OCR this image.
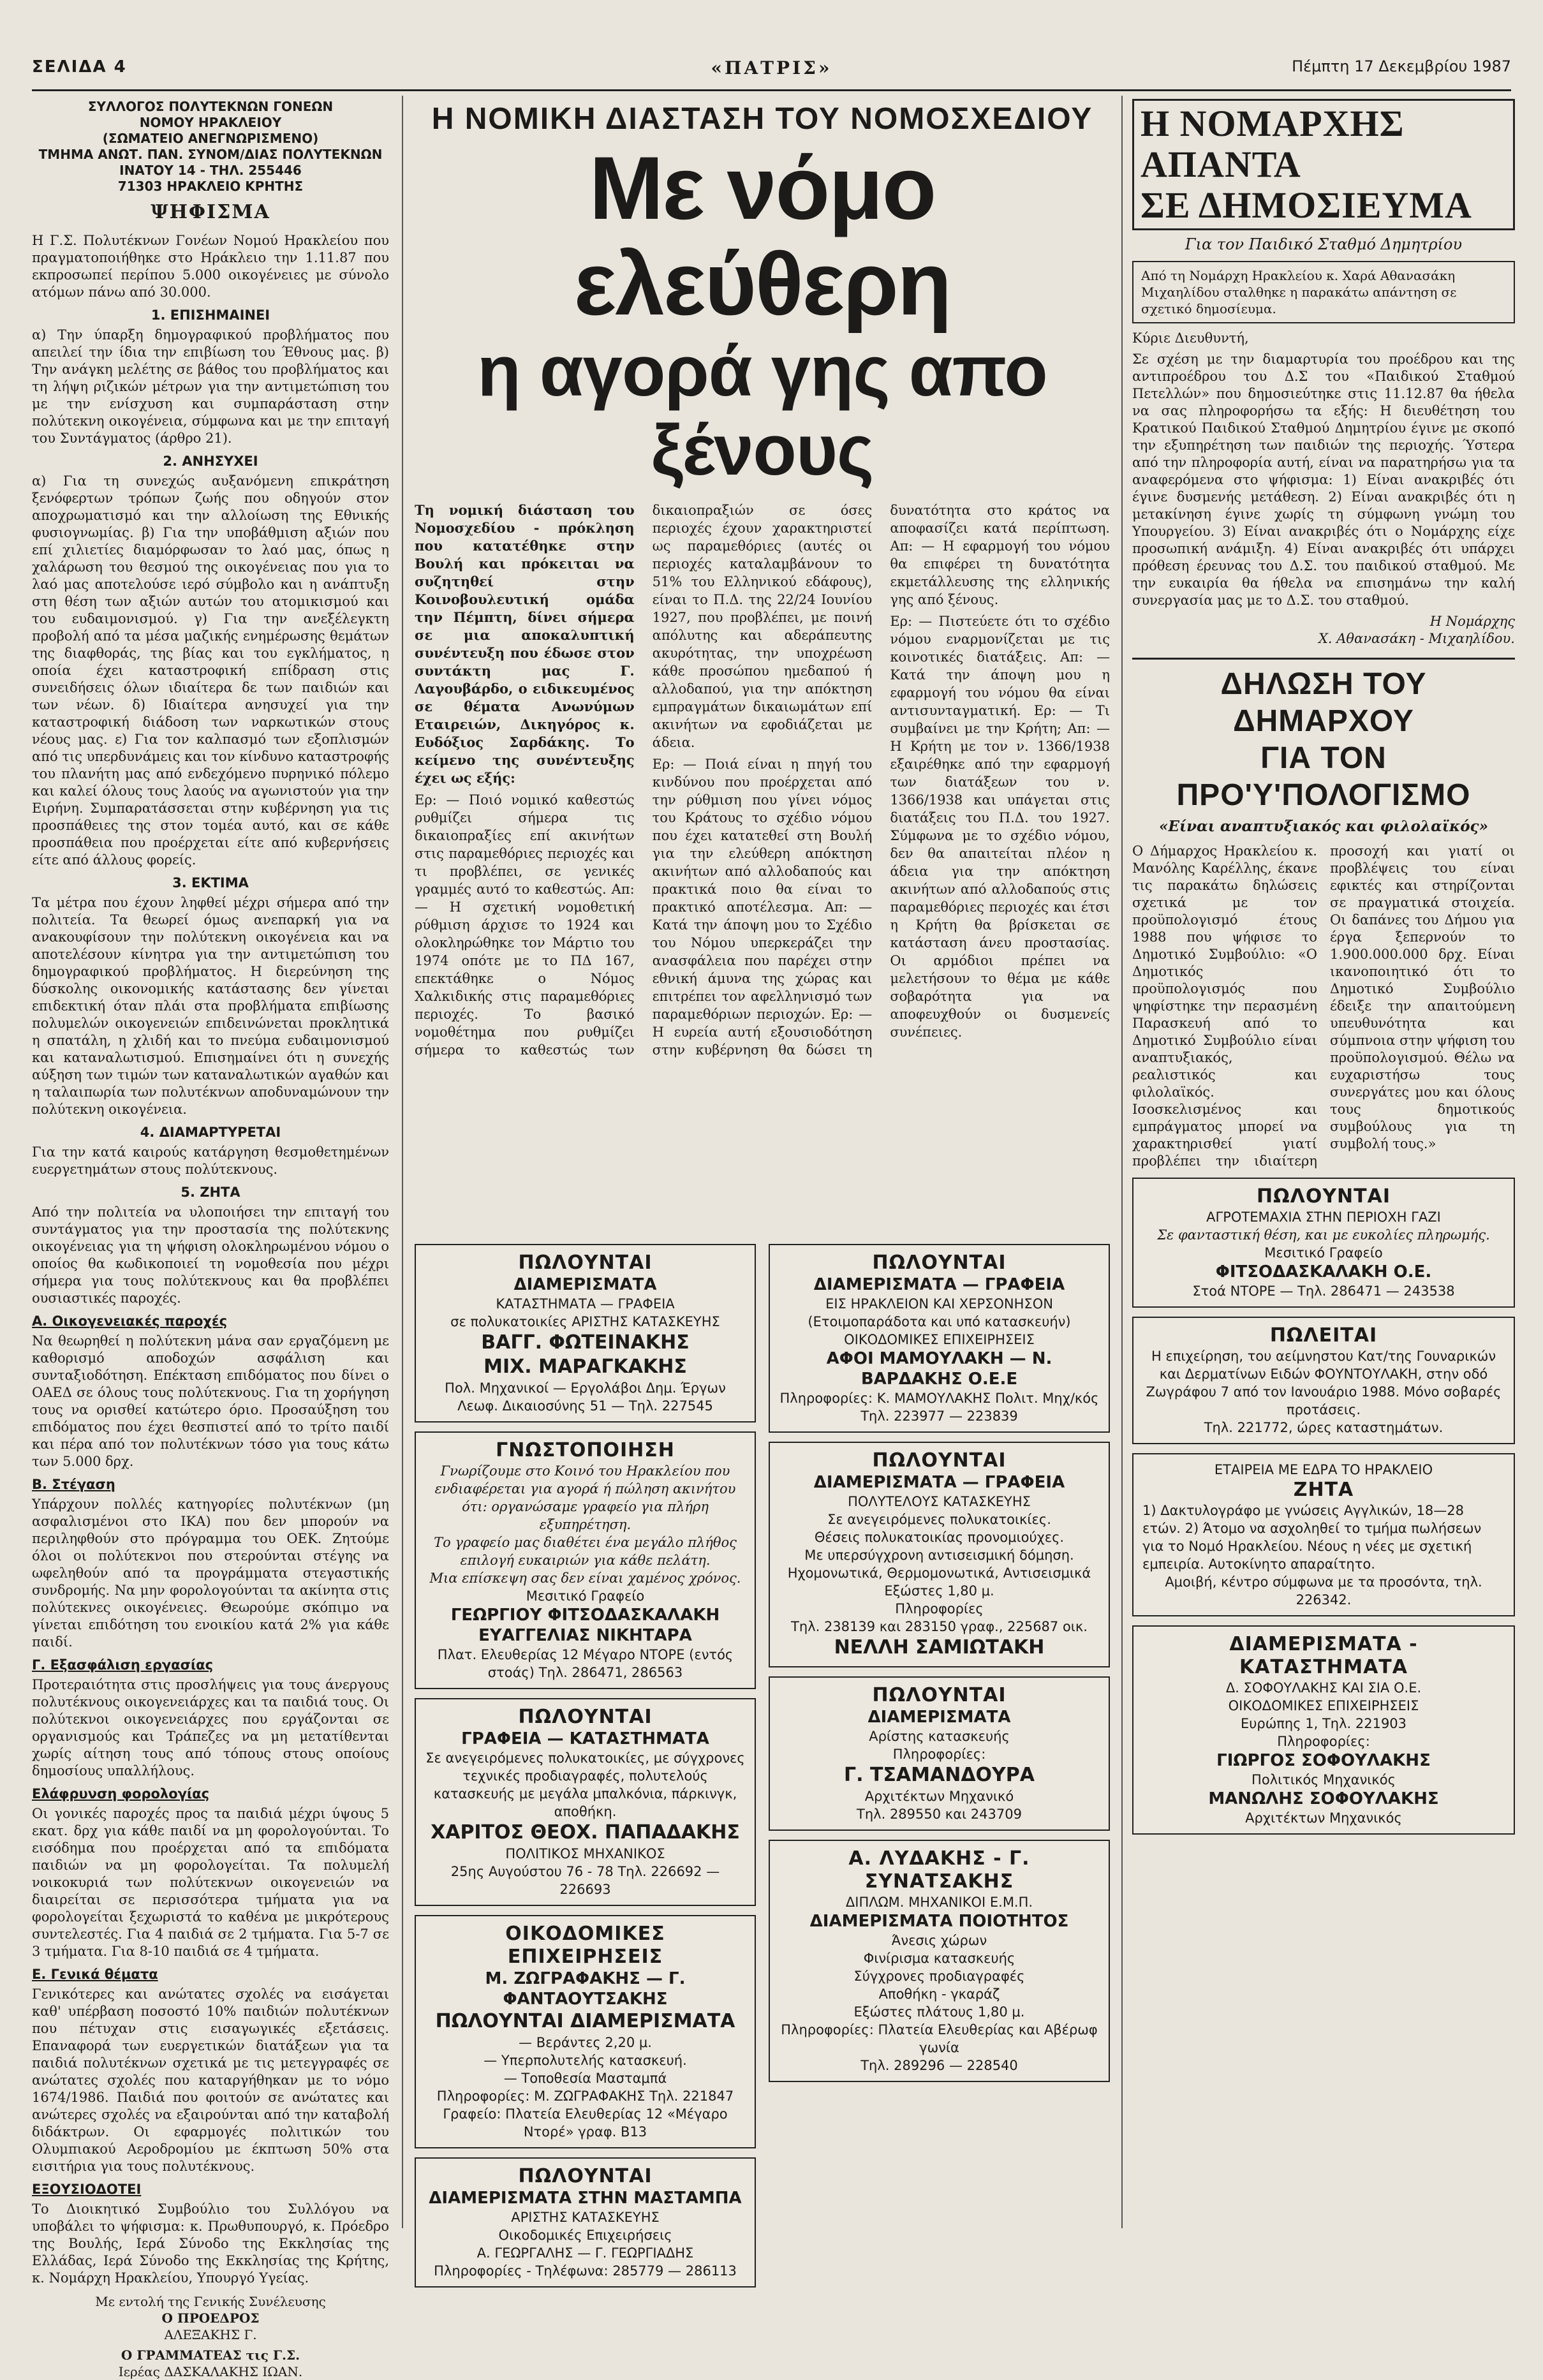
ΣΕΛΙΔΑ 4	«ΠΑΤΡΙΣ»	Πέμπτη 17 Δεκεμβρίου 1987
ΣΥΛΛΟΓΟΣ ΠΟΛΥΤΕΚΝΩΝ ΓΟΝΕΩΝ
ΝΟΜΟΥ ΗΡΑΚΛΕΙΟΥ
(ΣΩΜΑΤΕΙΟ ΑΝΕΓΝΩΡΙΣΜΕΝΟ)
ΤΜΗΜΑ ΑΝΩΤ. ΠΑΝ. ΣΥΝΟΜ/ΔΙΑΣ ΠΟΛΥΤΕΚΝΩΝ
ΙΝΑΤΟΥ 14 - ΤΗΛ. 255446
71303 ΗΡΑΚΛΕΙΟ ΚΡΗΤΗΣ
ΨΗΦΙΣΜΑ

Η Γ.Σ. Πολυτέκνων Γονέων Νομού Ηρακλείου που πραγματοποιήθηκε στο Ηράκλειο την 1.11.87 που εκπροσωπεί περίπου 5.000 οικογένειες με σύνολο ατόμων πάνω από 30.000.

1. ΕΠΙΣΗΜΑΙΝΕΙ

α) Την ύπαρξη δημογραφικού προβλήματος που απειλεί την ίδια την επιβίωση του Έθνους μας. β) Την ανάγκη μελέτης σε βάθος του προβλήματος και τη λήψη ριζικών μέτρων για την αντιμετώπιση του με την ενίσχυση και συμπαράσταση στην πολύτεκνη οικογένεια, σύμφωνα και με την επιταγή του Συντάγματος (άρθρο 21).

2. ΑΝΗΣΥΧΕΙ

α) Για τη συνεχώς αυξανόμενη επικράτηση ξενόφερτων τρόπων ζωής που οδηγούν στον αποχρωματισμό και την αλλοίωση της Εθνικής φυσιογνωμίας. β) Για την υποβάθμιση αξιών που επί χιλιετίες διαμόρφωσαν το λαό μας, όπως η χαλάρωση του θεσμού της οικογένειας που για το λαό μας αποτελούσε ιερό σύμβολο και η ανάπτυξη στη θέση των αξιών αυτών του ατομικισμού και του ευδαιμονισμού. γ) Για την ανεξέλεγκτη προβολή από τα μέσα μαζικής ενημέρωσης θεμάτων της διαφθοράς, της βίας και του εγκλήματος, η οποία έχει καταστροφική επίδραση στις συνειδήσεις όλων ιδιαίτερα δε των παιδιών και των νέων. δ) Ιδιαίτερα ανησυχεί για την καταστροφική διάδοση των ναρκωτικών στους νέους μας. ε) Για τον καλπασμό των εξοπλισμών από τις υπερδυνάμεις και τον κίνδυνο καταστροφής του πλανήτη μας από ενδεχόμενο πυρηνικό πόλεμο και καλεί όλους τους λαούς να αγωνιστούν για την Ειρήνη. Συμπαρατάσσεται στην κυβέρνηση για τις προσπάθειες της στον τομέα αυτό, και σε κάθε προσπάθεια που προέρχεται είτε από κυβερνήσεις είτε από άλλους φορείς.

3. ΕΚΤΙΜΑ

Τα μέτρα που έχουν ληφθεί μέχρι σήμερα από την πολιτεία. Τα θεωρεί όμως ανεπαρκή για να ανακουφίσουν την πολύτεκνη οικογένεια και να αποτελέσουν κίνητρα για την αντιμετώπιση του δημογραφικού προβλήματος. Η διερεύνηση της δύσκολης οικονομικής κατάστασης δεν γίνεται επιδεκτική όταν πλάι στα προβλήματα επιβίωσης πολυμελών οικογενειών επιδεινώνεται προκλητικά η σπατάλη, η χλιδή και το πνεύμα ευδαιμονισμού και καταναλωτισμού. Επισημαίνει ότι η συνεχής αύξηση των τιμών των καταναλωτικών αγαθών και η ταλαιπωρία των πολυτέκνων αποδυναμώνουν την πολύτεκνη οικογένεια.

4. ΔΙΑΜΑΡΤΥΡΕΤΑΙ

Για την κατά καιρούς κατάργηση θεσμοθετημένων ευεργετημάτων στους πολύτεκνους.

5. ΖΗΤΑ

Από την πολιτεία να υλοποιήσει την επιταγή του συντάγματος για την προστασία της πολύτεκνης οικογένειας για τη ψήφιση ολοκληρωμένου νόμου ο οποίος θα κωδικοποιεί τη νομοθεσία που μέχρι σήμερα για τους πολύτεκνους και θα προβλέπει ουσιαστικές παροχές.

Α. Οικογενειακές παροχές

Να θεωρηθεί η πολύτεκνη μάνα σαν εργαζόμενη με καθορισμό αποδοχών ασφάλιση και συνταξιοδότηση. Επέκταση επιδόματος που δίνει ο ΟΑΕΔ σε όλους τους πολύτεκνους. Για τη χορήγηση τους να ορισθεί κατώτερο όριο. Προσαύξηση του επιδόματος που έχει θεσπιστεί από το τρίτο παιδί και πέρα από τον πολυτέκνων τόσο για τους κάτω των 5.000 δρχ.

Β. Στέγαση

Υπάρχουν πολλές κατηγορίες πολυτέκνων (μη ασφαλισμένοι στο ΙΚΑ) που δεν μπορούν να περιληφθούν στο πρόγραμμα του ΟΕΚ. Ζητούμε όλοι οι πολύτεκνοι που στερούνται στέγης να ωφεληθούν από τα προγράμματα στεγαστικής συνδρομής. Να μην φορολογούνται τα ακίνητα στις πολύτεκνες οικογένειες. Θεωρούμε σκόπιμο να γίνεται επιδότηση του ενοικίου κατά 2% για κάθε παιδί.

Γ. Εξασφάλιση εργασίας

Προτεραιότητα στις προσλήψεις για τους άνεργους πολυτέκνους οικογενειάρχες και τα παιδιά τους. Οι πολύτεκνοι οικογενειάρχες που εργάζονται σε οργανισμούς και Τράπεζες να μη μετατίθενται χωρίς αίτηση τους από τόπους στους οποίους δημοσίους υπαλλήλους.

Ελάφρυνση φορολογίας

Οι γονικές παροχές προς τα παιδιά μέχρι ύψους 5 εκατ. δρχ για κάθε παιδί να μη φορολογούνται. Το εισόδημα που προέρχεται από τα επιδόματα παιδιών να μη φορολογείται. Τα πολυμελή νοικοκυριά των πολύτεκνων οικογενειών να διαιρείται σε περισσότερα τμήματα για να φορολογείται ξεχωριστά το καθένα με μικρότερους συντελεστές. Για 4 παιδιά σε 2 τμήματα. Για 5-7 σε 3 τμήματα. Για 8-10 παιδιά σε 4 τμήματα.

Ε. Γενικά θέματα

Γενικότερες και ανώτατες σχολές να εισάγεται καθ' υπέρβαση ποσοστό 10% παιδιών πολυτέκνων που πέτυχαν στις εισαγωγικές εξετάσεις. Επαναφορά των ευεργετικών διατάξεων για τα παιδιά πολυτέκνων σχετικά με τις μετεγγραφές σε ανώτατες σχολές που καταργήθηκαν με το νόμο 1674/1986. Παιδιά που φοιτούν σε ανώτατες και ανώτερες σχολές να εξαιρούνται από την καταβολή διδάκτρων. Οι εφαρμογές πολιτικών του Ολυμπιακού Αεροδρομίου με έκπτωση 50% στα εισιτήρια για τους πολυτέκνους.

ΕΞΟΥΣΙΟΔΟΤΕΙ

Το Διοικητικό Συμβούλιο του Συλλόγου να υποβάλει το ψήφισμα: κ. Πρωθυπουργό, κ. Πρόεδρο της Βουλής, Ιερά Σύνοδο της Εκκλησίας της Ελλάδας, Ιερά Σύνοδο της Εκκλησίας της Κρήτης, κ. Νομάρχη Ηρακλείου, Υπουργό Υγείας.

Με εντολή της Γενικής Συνέλευσης
Ο ΠΡΟΕΔΡΟΣ
ΑΛΕΞΑΚΗΣ Γ.
Ο ΓΡΑΜΜΑΤΕΑΣ τις Γ.Σ.
Ιερέας ΔΑΣΚΑΛΑΚΗΣ ΙΩΑΝ.
Η ΝΟΜΙΚΗ ΔΙΑΣΤΑΣΗ ΤΟΥ ΝΟΜΟΣΧΕΔΙΟΥ
Με νόμο ελεύθερη
η αγορά γης απο ξένους

Τη νομική διάσταση του Νομοσχεδίου - πρόκληση που κατατέθηκε στην Βουλή και πρόκειται να συζητηθεί στην Κοινοβουλευτική ομάδα την Πέμπτη, δίνει σήμερα σε μια αποκαλυπτική συνέντευξη που έδωσε στον συντάκτη μας Γ. Λαγουβάρδο, ο ειδικευμένος σε θέματα Ανωνύμων Εταιρειών, Δικηγόρος κ. Ευδόξιος Σαρδάκης. Το κείμενο της συνέντευξης έχει ως εξής:

Ερ: — Ποιό νομικό καθεστώς ρυθμίζει σήμερα τις δικαιοπραξίες επί ακινήτων στις παραμεθόριες περιοχές και τι προβλέπει, σε γενικές γραμμές αυτό το καθεστώς. Απ: — Η σχετική νομοθετική ρύθμιση άρχισε το 1924 και ολοκληρώθηκε τον Μάρτιο του 1974 οπότε με το ΠΔ 167, επεκτάθηκε ο Νόμος Χαλκιδικής στις παραμεθόριες περιοχές. Το βασικό νομοθέτημα που ρυθμίζει σήμερα το καθεστώς των δικαιοπραξιών σε όσες περιοχές έχουν χαρακτηριστεί ως παραμεθόριες (αυτές οι περιοχές καταλαμβάνουν το 51% του Ελληνικού εδάφους), είναι το Π.Δ. της 22/24 Ιουνίου 1927, που προβλέπει, με ποινή απόλυτης και αδεράπευτης ακυρότητας, την υποχρέωση κάθε προσώπου ημεδαπού ή αλλοδαπού, για την απόκτηση εμπραγμάτων δικαιωμάτων επί ακινήτων να εφοδιάζεται με άδεια.

Ερ: — Ποιά είναι η πηγή του κινδύνου που προέρχεται από την ρύθμιση που γίνει νόμος του Κράτους το σχέδιο νόμου που έχει κατατεθεί στη Βουλή για την ελεύθερη απόκτηση ακινήτων από αλλοδαπούς και πρακτικά ποιο θα είναι το πρακτικό αποτέλεσμα. Απ: — Κατά την άποψη μου το Σχέδιο του Νόμου υπερκεράζει την ανασφάλεια που παρέχει στην εθνική άμυνα της χώρας και επιτρέπει τον αφελληνισμό των παραμεθόριων περιοχών. Ερ: — Η ευρεία αυτή εξουσιοδότηση στην κυβέρνηση θα δώσει τη δυνατότητα στο κράτος να αποφασίζει κατά περίπτωση. Απ: — Η εφαρμογή του νόμου θα επιφέρει τη δυνατότητα εκμετάλλευσης της ελληνικής γης από ξένους.

Ερ: — Πιστεύετε ότι το σχέδιο νόμου εναρμονίζεται με τις κοινοτικές διατάξεις. Απ: — Κατά την άποψη μου η εφαρμογή του νόμου θα είναι αντισυνταγματική. Ερ: — Τι συμβαίνει με την Κρήτη; Απ: — Η Κρήτη με τον ν. 1366/1938 εξαιρέθηκε από την εφαρμογή των διατάξεων του ν. 1366/1938 και υπάγεται στις διατάξεις του Π.Δ. του 1927. Σύμφωνα με το σχέδιο νόμου, δεν θα απαιτείται πλέον η άδεια για την απόκτηση ακινήτων από αλλοδαπούς στις παραμεθόριες περιοχές και έτσι η Κρήτη θα βρίσκεται σε κατάσταση άνευ προστασίας. Οι αρμόδιοι πρέπει να μελετήσουν το θέμα με κάθε σοβαρότητα για να αποφευχθούν οι δυσμενείς συνέπειες.

ΠΩΛΟΥΝΤΑΙ
ΔΙΑΜΕΡΙΣΜΑΤΑ
ΚΑΤΑΣΤΗΜΑΤΑ — ΓΡΑΦΕΙΑ
σε πολυκατοικίες ΑΡΙΣΤΗΣ ΚΑΤΑΣΚΕΥΗΣ
ΒΑΓΓ. ΦΩΤΕΙΝΑΚΗΣ
ΜΙΧ. ΜΑΡΑΓΚΑΚΗΣ
Πολ. Μηχανικοί — Εργολάβοι Δημ. Έργων
Λεωφ. Δικαιοσύνης 51 — Τηλ. 227545
ΓΝΩΣΤΟΠΟΙΗΣΗ
Γνωρίζουμε στο Κοινό του Ηρακλείου που ενδιαφέρεται για αγορά ή πώληση ακινήτου ότι: οργανώσαμε γραφείο για πλήρη εξυπηρέτηση.
Το γραφείο μας διαθέτει ένα μεγάλο πλήθος επιλογή ευκαιριών για κάθε πελάτη.
Μια επίσκεψη σας δεν είναι χαμένος χρόνος.
Μεσιτικό Γραφείο
ΓΕΩΡΓΙΟΥ ΦΙΤΣΟΔΑΣΚΑΛΑΚΗ
ΕΥΑΓΓΕΛΙΑΣ ΝΙΚΗΤΑΡΑ
Πλατ. Ελευθερίας 12 Μέγαρο ΝΤΟΡΕ (εντός στοάς) Τηλ. 286471, 286563
ΠΩΛΟΥΝΤΑΙ
ΓΡΑΦΕΙΑ — ΚΑΤΑΣΤΗΜΑΤΑ
Σε ανεγειρόμενες πολυκατοικίες, με σύγχρονες τεχνικές προδιαγραφές, πολυτελούς κατασκευής με μεγάλα μπαλκόνια, πάρκινγκ, αποθήκη.
ΧΑΡΙΤΟΣ ΘΕΟΧ. ΠΑΠΑΔΑΚΗΣ
ΠΟΛΙΤΙΚΟΣ ΜΗΧΑΝΙΚΟΣ
25ης Αυγούστου 76 - 78 Τηλ. 226692 — 226693
ΟΙΚΟΔΟΜΙΚΕΣ ΕΠΙΧΕΙΡΗΣΕΙΣ
Μ. ΖΩΓΡΑΦΑΚΗΣ — Γ. ΦΑΝΤΑΟΥΤΣΑΚΗΣ
ΠΩΛΟΥΝΤΑΙ ΔΙΑΜΕΡΙΣΜΑΤΑ
— Βεράντες 2,20 μ.
— Υπερπολυτελής κατασκευή.
— Τοποθεσία Μασταμπά
Πληροφορίες: Μ. ΖΩΓΡΑΦΑΚΗΣ Τηλ. 221847
Γραφείο: Πλατεία Ελευθερίας 12 «Μέγαρο Ντορέ» γραφ. Β13
ΠΩΛΟΥΝΤΑΙ
ΔΙΑΜΕΡΙΣΜΑΤΑ ΣΤΗΝ ΜΑΣΤΑΜΠΑ
ΑΡΙΣΤΗΣ ΚΑΤΑΣΚΕΥΗΣ
Οικοδομικές Επιχειρήσεις
Α. ΓΕΩΡΓΑΛΗΣ — Γ. ΓΕΩΡΓΙΑΔΗΣ
Πληροφορίες - Τηλέφωνα: 285779 — 286113
ΠΩΛΟΥΝΤΑΙ
ΔΙΑΜΕΡΙΣΜΑΤΑ — ΓΡΑΦΕΙΑ
ΕΙΣ ΗΡΑΚΛΕΙΟΝ ΚΑΙ ΧΕΡΣΟΝΗΣΟΝ
(Ετοιμοπαράδοτα και υπό κατασκευήν)
ΟΙΚΟΔΟΜΙΚΕΣ ΕΠΙΧΕΙΡΗΣΕΙΣ
ΑΦΟΙ ΜΑΜΟΥΛΑΚΗ — Ν. ΒΑΡΔΑΚΗΣ Ο.Ε.Ε
Πληροφορίες: Κ. ΜΑΜΟΥΛΑΚΗΣ Πολιτ. Μηχ/κός
Τηλ. 223977 — 223839
ΠΩΛΟΥΝΤΑΙ
ΔΙΑΜΕΡΙΣΜΑΤΑ — ΓΡΑΦΕΙΑ
ΠΟΛΥΤΕΛΟΥΣ ΚΑΤΑΣΚΕΥΗΣ
Σε ανεγειρόμενες πολυκατοικίες.
Θέσεις πολυκατοικίας προνομιούχες.
Με υπερσύγχρονη αντισεισμική δόμηση.
Ηχομονωτικά, Θερμομονωτικά, Αντισεισμικά
Εξώστες 1,80 μ.
Πληροφορίες
Τηλ. 238139 και 283150 γραφ., 225687 οικ.
ΝΕΛΛΗ ΣΑΜΙΩΤΑΚΗ
ΠΩΛΟΥΝΤΑΙ
ΔΙΑΜΕΡΙΣΜΑΤΑ
Αρίστης κατασκευής
Πληροφορίες:
Γ. ΤΣΑΜΑΝΔΟΥΡΑ
Αρχιτέκτων Μηχανικό
Τηλ. 289550 και 243709
Α. ΛΥΔΑΚΗΣ - Γ. ΣΥΝΑΤΣΑΚΗΣ
ΔΙΠΛΩΜ. ΜΗΧΑΝΙΚΟΙ Ε.Μ.Π.
ΔΙΑΜΕΡΙΣΜΑΤΑ ΠΟΙΟΤΗΤΟΣ
Άνεσις χώρων
Φινίρισμα κατασκευής
Σύγχρονες προδιαγραφές
Αποθήκη - γκαράζ
Εξώστες πλάτους 1,80 μ.
Πληροφορίες: Πλατεία Ελευθερίας και Αβέρωφ γωνία
Τηλ. 289296 — 228540
Η ΝΟΜΑΡΧΗΣ ΑΠΑΝΤΑ
ΣΕ ΔΗΜΟΣΙΕΥΜΑ
Για τον Παιδικό Σταθμό Δημητρίου
Από τη Νομάρχη Ηρακλείου κ. Χαρά Αθανασάκη Μιχαηλίδου σταλθηκε η παρακάτω απάντηση σε σχετικό δημοσίευμα.

Κύριε Διευθυντή,

Σε σχέση με την διαμαρτυρία του προέδρου και της αντιπροέδρου του Δ.Σ του «Παιδικού Σταθμού Πετελλών» που δημοσιεύτηκε στις 11.12.87 θα ήθελα να σας πληροφορήσω τα εξής: Η διευθέτηση του Κρατικού Παιδικού Σταθμού Δημητρίου έγινε με σκοπό την εξυπηρέτηση των παιδιών της περιοχής. Ύστερα από την πληροφορία αυτή, είναι να παρατηρήσω για τα αναφερόμενα στο ψήφισμα: 1) Είναι ανακριβές ότι έγινε δυσμενής μετάθεση. 2) Είναι ανακριβές ότι η μετακίνηση έγινε χωρίς τη σύμφωνη γνώμη του Υπουργείου. 3) Είναι ανακριβές ότι ο Νομάρχης είχε προσωπική ανάμιξη. 4) Είναι ανακριβές ότι υπάρχει πρόθεση έρευνας του Δ.Σ. του παιδικού σταθμού. Με την ευκαιρία θα ήθελα να επισημάνω την καλή συνεργασία μας με το Δ.Σ. του σταθμού.

Η Νομάρχης
Χ. Αθανασάκη - Μιχαηλίδου.
ΔΗΛΩΣΗ ΤΟΥ ΔΗΜΑΡΧΟΥ
ΓΙΑ ΤΟΝ ΠΡΟ'Υ'ΠΟΛΟΓΙΣΜΟ
«Είναι αναπτυξιακός και φιλολαϊκός»

Ο Δήμαρχος Ηρακλείου κ. Μανόλης Καρέλλης, έκανε τις παρακάτω δηλώσεις σχετικά με τον προϋπολογισμό έτους 1988 που ψήφισε το Δημοτικό Συμβούλιο: «Ο Δημοτικός προϋπολογισμός που ψηφίστηκε την περασμένη Παρασκευή από το Δημοτικό Συμβούλιο είναι αναπτυξιακός, ρεαλιστικός και φιλολαϊκός. Ισοσκελισμένος και εμπράγματος μπορεί να χαρακτηρισθεί γιατί προβλέπει την ιδιαίτερη προσοχή και γιατί οι προβλέψεις του είναι εφικτές και στηρίζονται σε πραγματικά στοιχεία. Οι δαπάνες του Δήμου για έργα ξεπερνούν το 1.900.000.000 δρχ. Είναι ικανοποιητικό ότι το Δημοτικό Συμβούλιο έδειξε την απαιτούμενη υπευθυνότητα και σύμπνοια στην ψήφιση του προϋπολογισμού. Θέλω να ευχαριστήσω τους συνεργάτες μου και όλους τους δημοτικούς συμβούλους για τη συμβολή τους.»

ΠΩΛΟΥΝΤΑΙ
ΑΓΡΟΤΕΜΑΧΙΑ ΣΤΗΝ ΠΕΡΙΟΧΗ ΓΑΖΙ
Σε φανταστική θέση, και με ευκολίες πληρωμής.
Μεσιτικό Γραφείο
ΦΙΤΣΟΔΑΣΚΑΛΑΚΗ Ο.Ε.
Στοά ΝΤΟΡΕ — Τηλ. 286471 — 243538
ΠΩΛΕΙΤΑΙ
Η επιχείρηση, του αείμνηστου Κατ/της Γουναρικών και Δερματίνων Ειδών ΦΟΥΝΤΟΥΛΑΚΗ, στην οδό Ζωγράφου 7 από τον Ιανουάριο 1988. Μόνο σοβαρές προτάσεις.
Τηλ. 221772, ώρες καταστημάτων.
ΕΤΑΙΡΕΙΑ ΜΕ ΕΔΡΑ ΤΟ ΗΡΑΚΛΕΙΟ
ΖΗΤΑ
1) Δακτυλογράφο με γνώσεις Αγγλικών, 18—28 ετών. 2) Άτομο να ασχοληθεί το τμήμα πωλήσεων για το Νομό Ηρακλείου. Νέους η νέες με σχετική εμπειρία. Αυτοκίνητο απαραίτητο.
Αμοιβή, κέντρο σύμφωνα με τα προσόντα, τηλ. 226342.
ΔΙΑΜΕΡΙΣΜΑΤΑ - ΚΑΤΑΣΤΗΜΑΤΑ
Δ. ΣΟΦΟΥΛΑΚΗΣ ΚΑΙ ΣΙΑ Ο.Ε.
ΟΙΚΟΔΟΜΙΚΕΣ ΕΠΙΧΕΙΡΗΣΕΙΣ
Ευρώπης 1, Τηλ. 221903
Πληροφορίες:
ΓΙΩΡΓΟΣ ΣΟΦΟΥΛΑΚΗΣ
Πολιτικός Μηχανικός
ΜΑΝΩΛΗΣ ΣΟΦΟΥΛΑΚΗΣ
Αρχιτέκτων Μηχανικός
